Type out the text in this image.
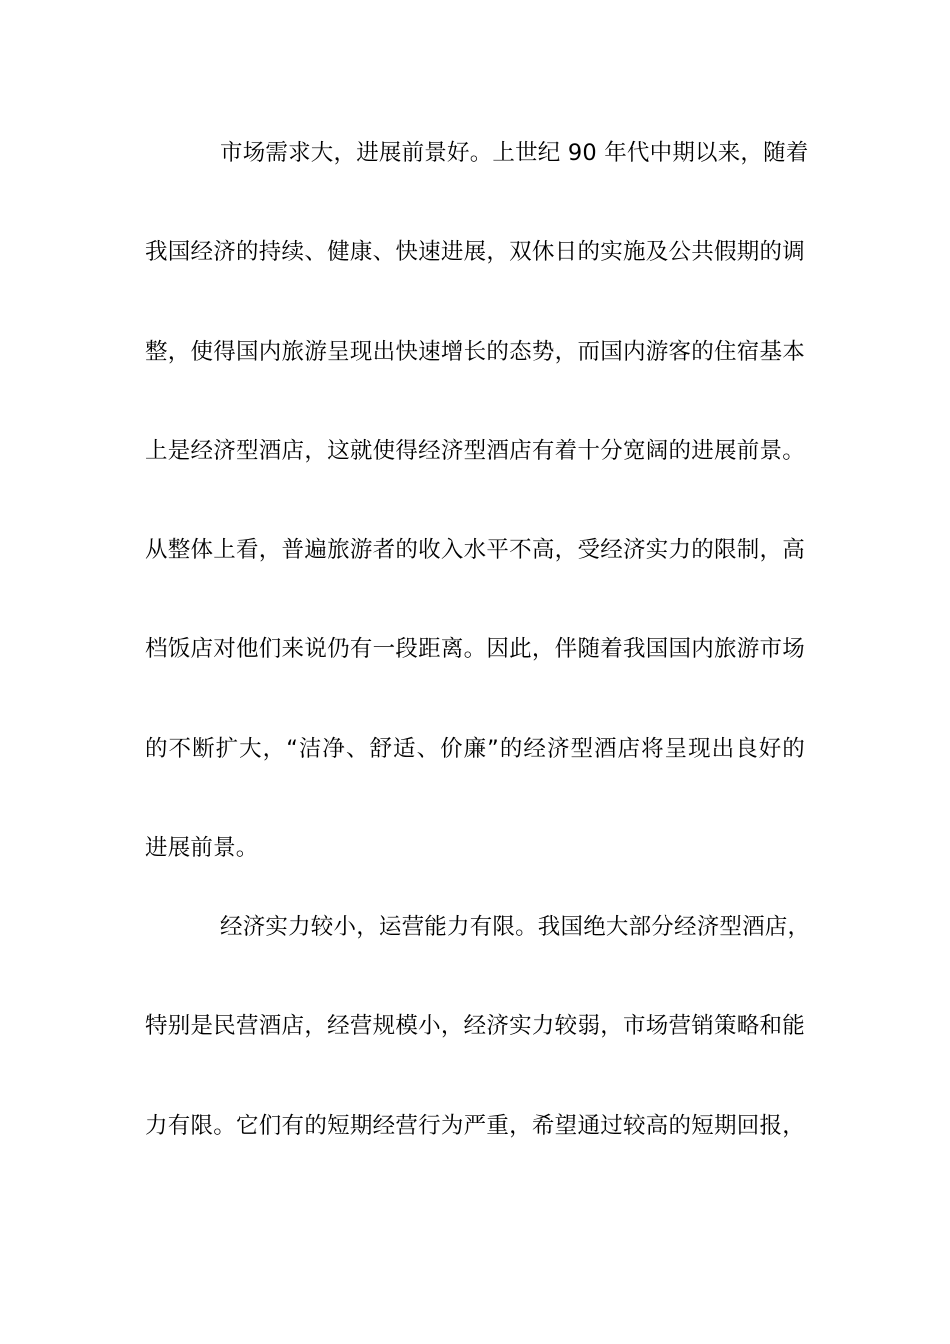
市场需求大，进展前景好。上世纪 90 年代中期以来，随着
我国经济的持续、健康、快速进展，双休日的实施及公共假期的调
整，使得国内旅游呈现出快速增长的态势，而国内游客的住宿基本
上是经济型酒店，这就使得经济型酒店有着十分宽阔的进展前景。
从整体上看，普遍旅游者的收入水平不高，受经济实力的限制，高
档饭店对他们来说仍有一段距离。因此，伴随着我国国内旅游市场
的不断扩大，“洁净、舒适、价廉”的经济型酒店将呈现出良好的
进展前景。
经济实力较小，运营能力有限。我国绝大部分经济型酒店，
特别是民营酒店，经营规模小，经济实力较弱，市场营销策略和能
力有限。它们有的短期经营行为严重，希望通过较高的短期回报，
